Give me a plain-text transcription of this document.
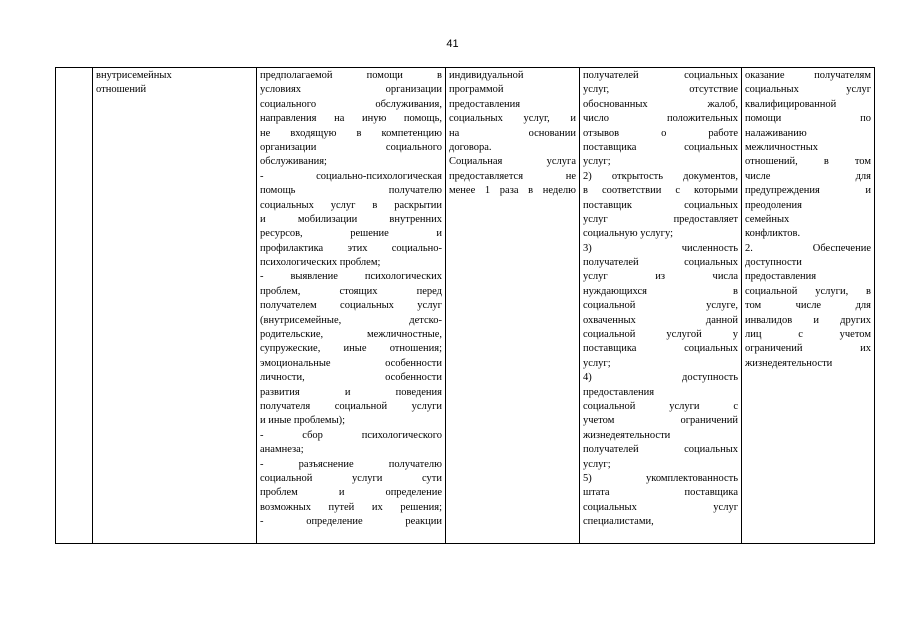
41
внутрисемейных
отношений
предполагаемой помощи в
условиях организации
социального обслуживания,
направления на иную помощь,
не входящую в компетенцию
организации социального
обслуживания;
- социально-психологическая
помощь получателю
социальных услуг в раскрытии
и мобилизации внутренних
ресурсов, решение и
профилактика этих социально-
психологических проблем;
- выявление психологических
проблем, стоящих перед
получателем социальных услуг
(внутрисемейные, детско-
родительские, межличностные,
супружеские, иные отношения;
эмоциональные особенности
личности, особенности
развития и поведения
получателя социальной услуги
и иные проблемы);
- сбор психологического
анамнеза;
- разъяснение получателю
социальной услуги сути
проблем и определение
возможных путей их решения;
- определение реакции
индивидуальной
программой
предоставления
социальных услуг, и
на основании
договора.
Социальная услуга
предоставляется не
менее 1 раза в неделю
получателей социальных
услуг, отсутствие
обоснованных жалоб,
число положительных
отзывов о работе
поставщика социальных
услуг;
2) открытость документов,
в соответствии с которыми
поставщик социальных
услуг предоставляет
социальную услугу;
3) численность
получателей социальных
услуг из числа
нуждающихся в
социальной услуге,
охваченных данной
социальной услугой у
поставщика социальных
услуг;
4) доступность
предоставления
социальной услуги с
учетом ограничений
жизнедеятельности
получателей социальных
услуг;
5) укомплектованность
штата поставщика
социальных услуг
специалистами,
оказание получателям
социальных услуг
квалифицированной
помощи по
налаживанию
межличностных
отношений, в том
числе для
предупреждения и
преодоления
семейных
конфликтов.
2. Обеспечение
доступности
предоставления
социальной услуги, в
том числе для
инвалидов и других
лиц с учетом
ограничений их
жизнедеятельности
